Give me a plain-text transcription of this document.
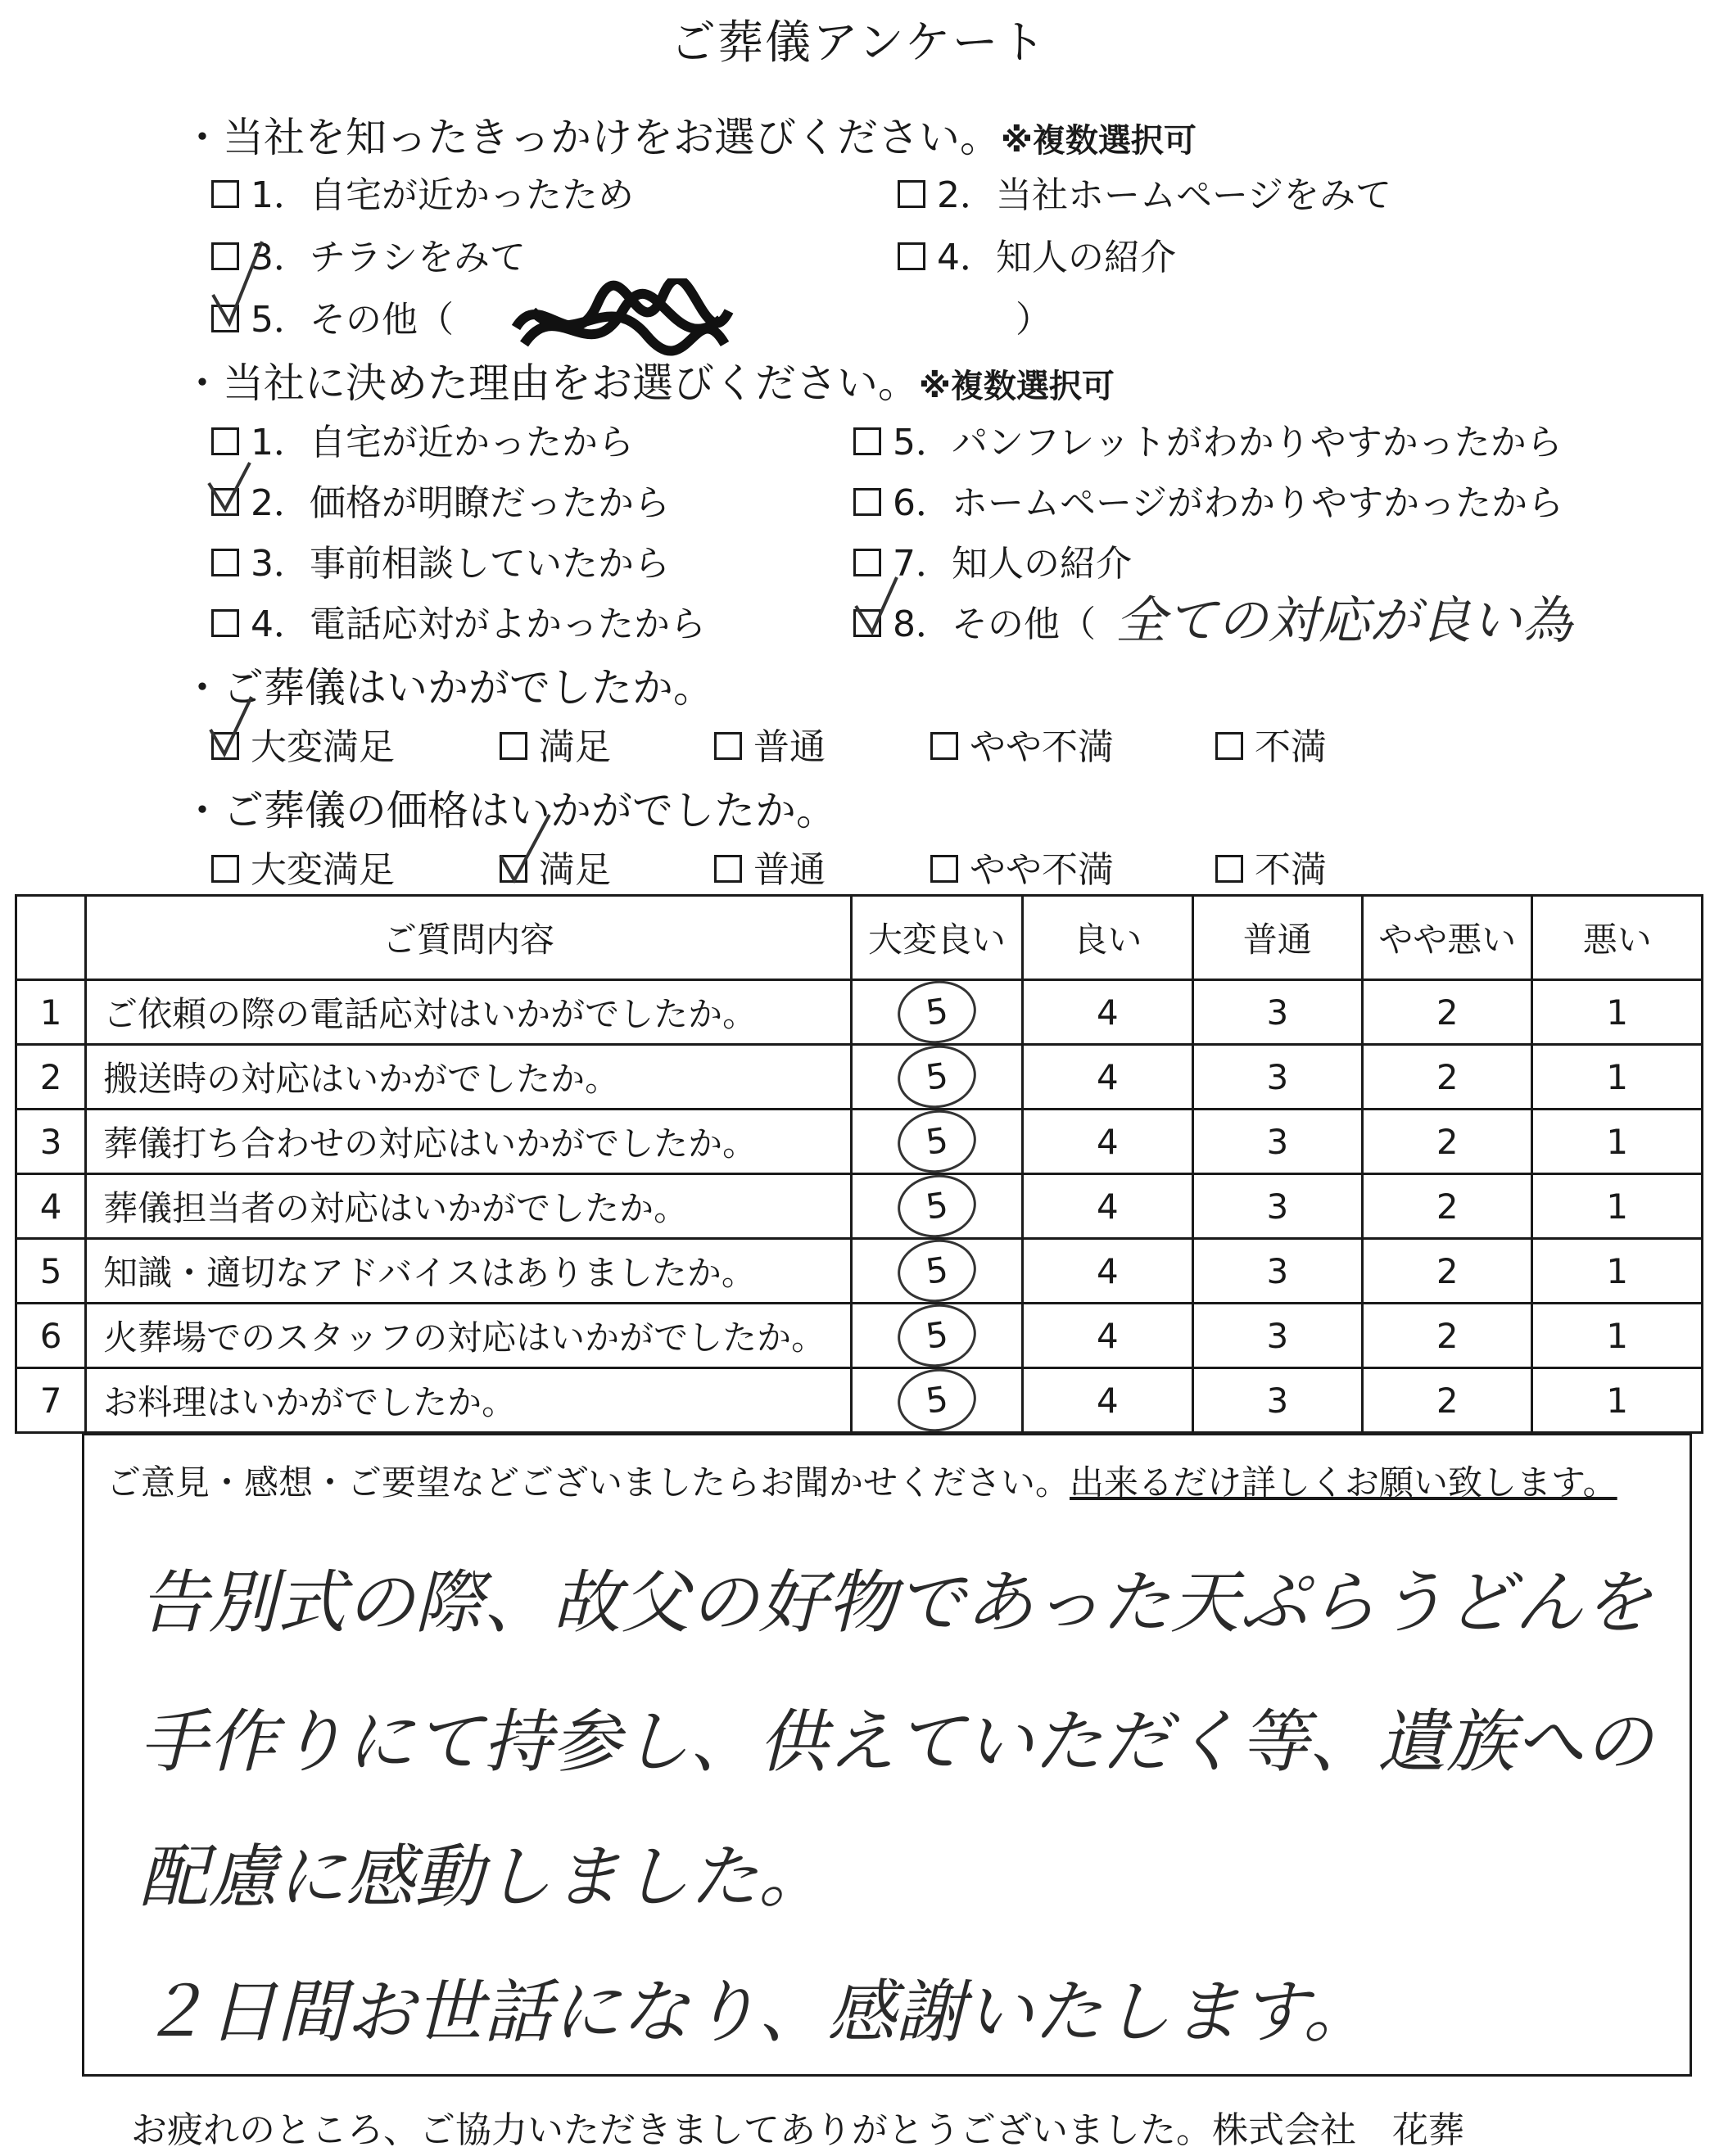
ご葬儀アンケート
・当社を知ったきっかけをお選びください。※複数選択可
1．自宅が近かったため	2．当社ホームページをみて
3．チラシをみて	4．知人の紹介
5．その他（	）
・当社に決めた理由をお選びください。※複数選択可
1．自宅が近かったから
2．価格が明瞭だったから
3．事前相談していたから
4．電話応対がよかったから
5．パンフレットがわかりやすかったから
6．ホームページがわかりやすかったから
7．知人の紹介
8．その他（ 全ての対応が良い為
・ご葬儀はいかがでしたか。
大変満足	満足	普通	やや不満	不満
・ご葬儀の価格はいかがでしたか。
大変満足	満足	普通	やや不満	不満
	ご質問内容	大変良い	良い	普通	やや悪い	悪い
1	ご依頼の際の電話応対はいかがでしたか。	5	4	3	2	1
2	搬送時の対応はいかがでしたか。	5	4	3	2	1
3	葬儀打ち合わせの対応はいかがでしたか。	5	4	3	2	1
4	葬儀担当者の対応はいかがでしたか。	5	4	3	2	1
5	知識・適切なアドバイスはありましたか。	5	4	3	2	1
6	火葬場でのスタッフの対応はいかがでしたか。	5	4	3	2	1
7	お料理はいかがでしたか。	5	4	3	2	1
ご意見・感想・ご要望などございましたらお聞かせください。出来るだけ詳しくお願い致します。
告別式の際、故父の好物であった天ぷらうどんを
手作りにて持参し、供えていただく等、遺族への
配慮に感動しました。
２日間お世話になり、感謝いたします。
お疲れのところ、ご協力いただきましてありがとうございました。株式会社　花葬
